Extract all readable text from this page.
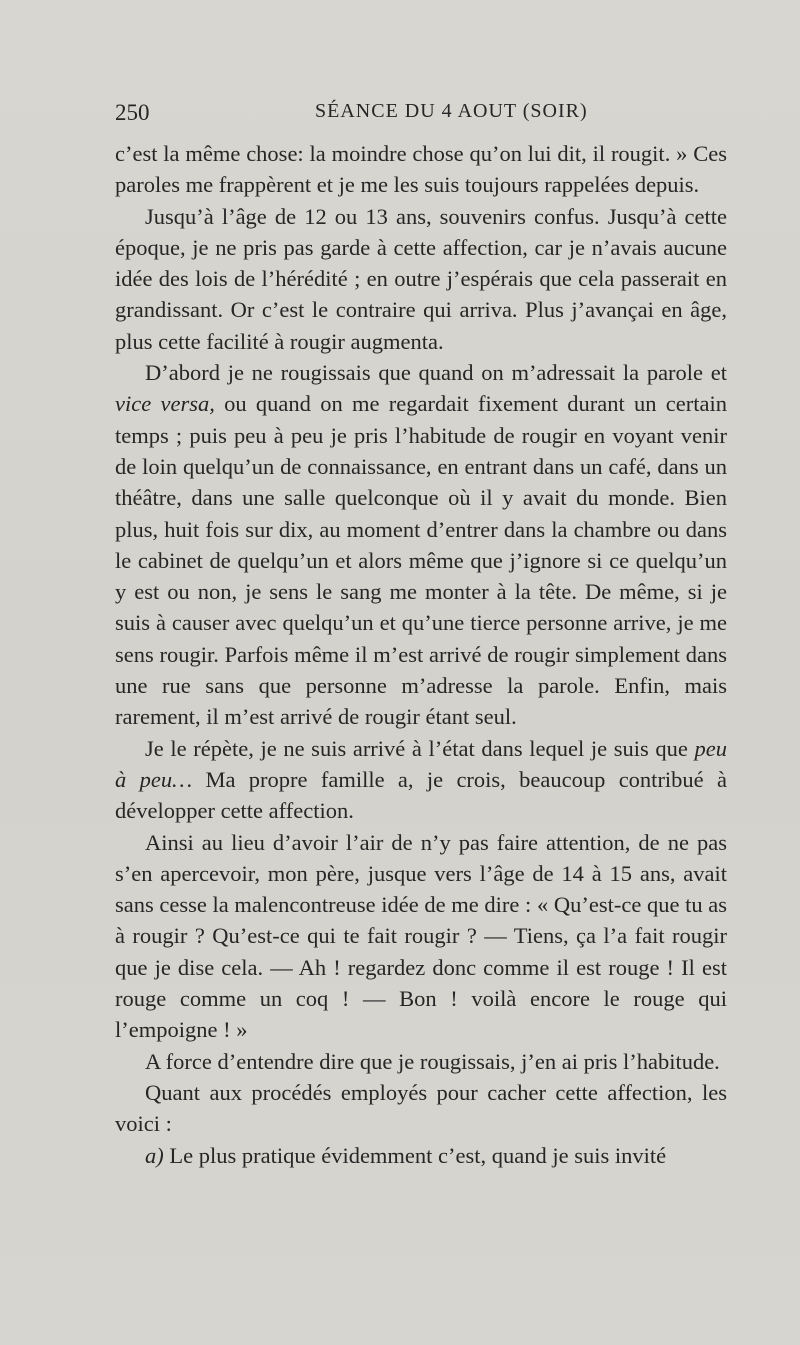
250	SÉANCE DU 4 AOUT (SOIR)

c’est la même chose: la moindre chose qu’on lui dit, il rougit. » Ces paroles me frappèrent et je me les suis toujours rappelées depuis.

Jusqu’à l’âge de 12 ou 13 ans, souvenirs confus. Jusqu’à cette époque, je ne pris pas garde à cette affection, car je n’avais aucune idée des lois de l’hérédité ; en outre j’espérais que cela passerait en grandissant. Or c’est le contraire qui arriva. Plus j’avançai en âge, plus cette facilité à rougir augmenta.

D’abord je ne rougissais que quand on m’adressait la parole et vice versa, ou quand on me regardait fixement durant un certain temps ; puis peu à peu je pris l’habitude de rougir en voyant venir de loin quelqu’un de connaissance, en entrant dans un café, dans un théâtre, dans une salle quelconque où il y avait du monde. Bien plus, huit fois sur dix, au moment d’entrer dans la chambre ou dans le cabinet de quelqu’un et alors même que j’ignore si ce quelqu’un y est ou non, je sens le sang me monter à la tête. De même, si je suis à causer avec quelqu’un et qu’une tierce personne arrive, je me sens rougir. Parfois même il m’est arrivé de rougir simplement dans une rue sans que personne m’adresse la parole. Enfin, mais rarement, il m’est arrivé de rougir étant seul.

Je le répète, je ne suis arrivé à l’état dans lequel je suis que peu à peu… Ma propre famille a, je crois, beaucoup contribué à développer cette affection.

Ainsi au lieu d’avoir l’air de n’y pas faire attention, de ne pas s’en apercevoir, mon père, jusque vers l’âge de 14 à 15 ans, avait sans cesse la malencontreuse idée de me dire : « Qu’est-ce que tu as à rougir ? Qu’est-ce qui te fait rougir ? — Tiens, ça l’a fait rougir que je dise cela. — Ah ! regardez donc comme il est rouge ! Il est rouge comme un coq ! — Bon ! voilà encore le rouge qui l’empoigne ! »

A force d’entendre dire que je rougissais, j’en ai pris l’habitude.

Quant aux procédés employés pour cacher cette affection, les voici :

a) Le plus pratique évidemment c’est, quand je suis invité
